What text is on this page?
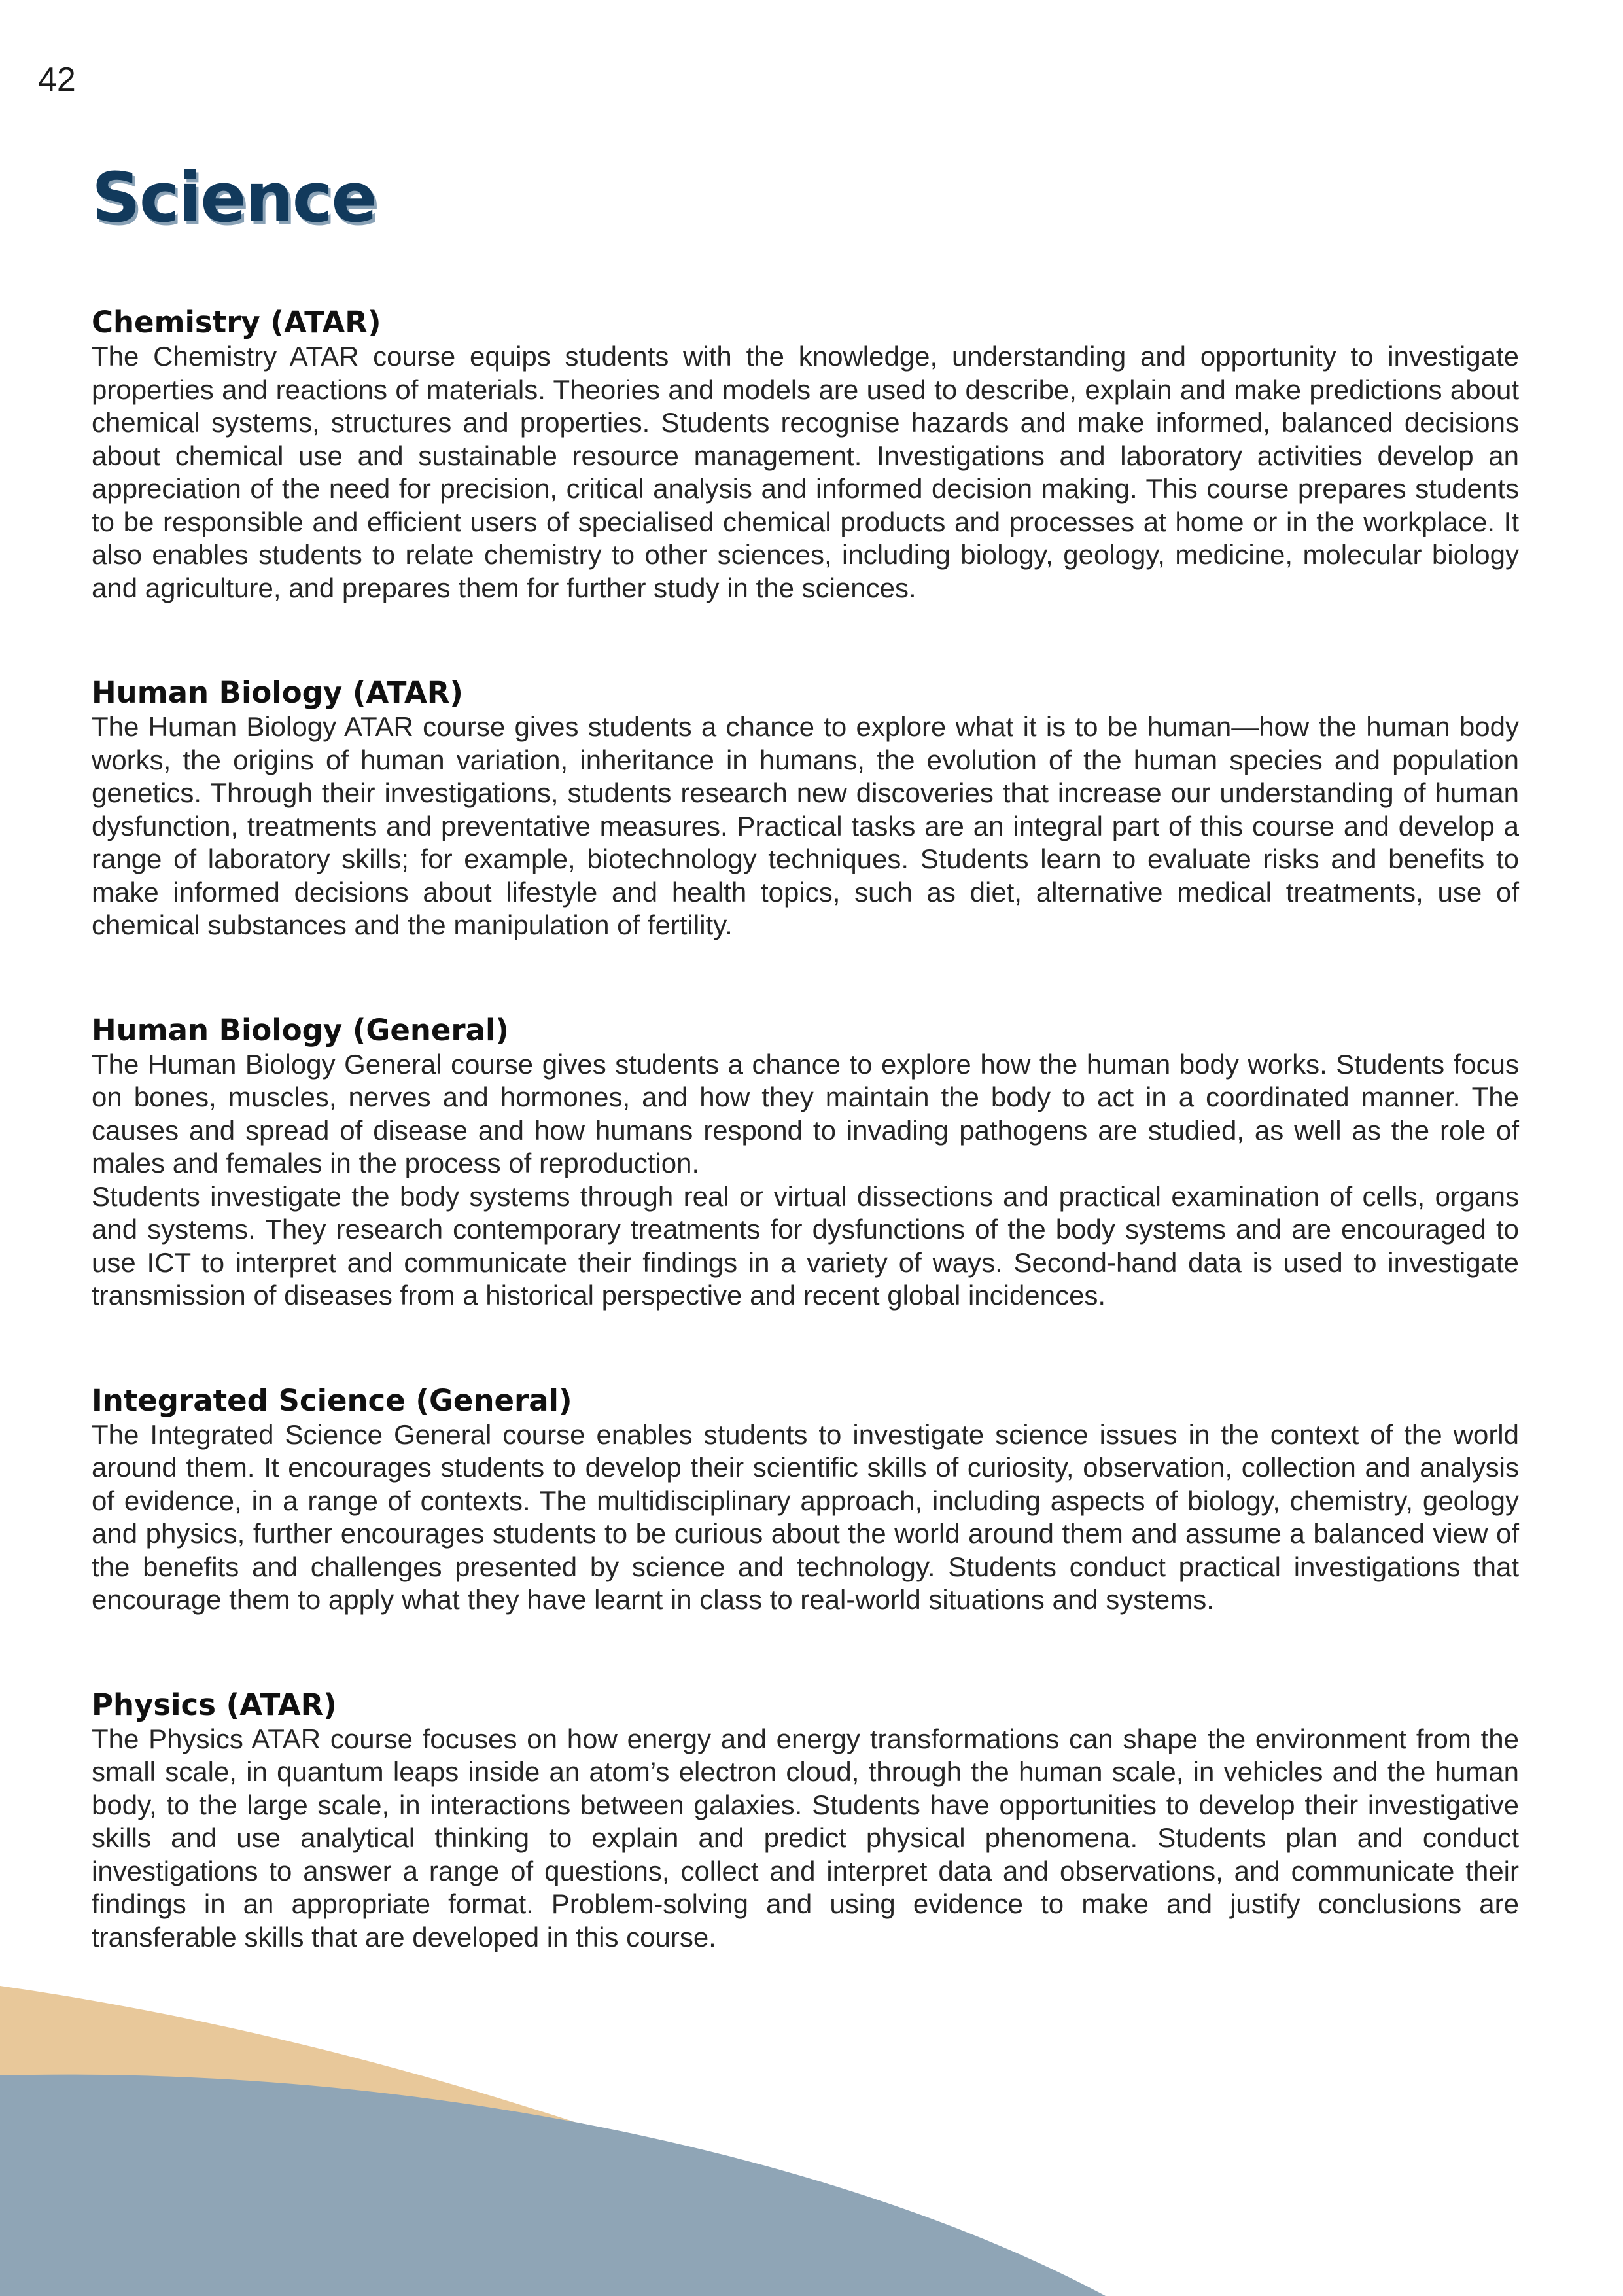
42
Science
Chemistry (ATAR)

The Chemistry ATAR course equips students with the knowledge, understanding and opportunity to investigate properties and reactions of materials. Theories and models are used to describe, explain and make predictions about chemical systems, structures and properties. Students recognise hazards and make informed, balanced decisions about chemical use and sustainable resource management. Investigations and laboratory activities develop an appreciation of the need for precision, critical analysis and informed decision making. This course prepares students to be responsible and efficient users of specialised chemical products and processes at home or in the workplace. It also enables students to relate chemistry to other sciences, including biology, geology, medicine, molecular biology and agriculture, and prepares them for further study in the sciences.

Human Biology (ATAR)

The Human Biology ATAR course gives students a chance to explore what it is to be human—how the human body works, the origins of human variation, inheritance in humans, the evolution of the human species and population genetics. Through their investigations, students research new discoveries that increase our understanding of human dysfunction, treatments and preventative measures. Practical tasks are an integral part of this course and develop a range of laboratory skills; for example, biotechnology techniques. Students learn to evaluate risks and benefits to make informed decisions about lifestyle and health topics, such as diet, alternative medical treatments, use of chemical substances and the manipulation of fertility.

Human Biology (General)

The Human Biology General course gives students a chance to explore how the human body works. Students focus on bones, muscles, nerves and hormones, and how they maintain the body to act in a coordinated manner. The causes and spread of disease and how humans respond to invading pathogens are studied, as well as the role of males and females in the process of reproduction.

Students investigate the body systems through real or virtual dissections and practical examination of cells, organs and systems. They research contemporary treatments for dysfunctions of the body systems and are encouraged to use ICT to interpret and communicate their findings in a variety of ways. Second-hand data is used to investigate transmission of diseases from a historical perspective and recent global incidences.

Integrated Science (General)

The Integrated Science General course enables students to investigate science issues in the context of the world around them. It encourages students to develop their scientific skills of curiosity, observation, collection and analysis of evidence, in a range of contexts. The multidisciplinary approach, including aspects of biology, chemistry, geology and physics, further encourages students to be curious about the world around them and assume a balanced view of the benefits and challenges presented by science and technology. Students conduct practical investigations that encourage them to apply what they have learnt in class to real-world situations and systems.

Physics (ATAR)

The Physics ATAR course focuses on how energy and energy transformations can shape the environment from the small scale, in quantum leaps inside an atom’s electron cloud, through the human scale, in vehicles and the human body, to the large scale, in interactions between galaxies. Students have opportunities to develop their investigative skills and use analytical thinking to explain and predict physical phenomena. Students plan and conduct investigations to answer a range of questions, collect and interpret data and observations, and communicate their findings in an appropriate format. Problem-solving and using evidence to make and justify conclusions are transferable skills that are developed in this course.
